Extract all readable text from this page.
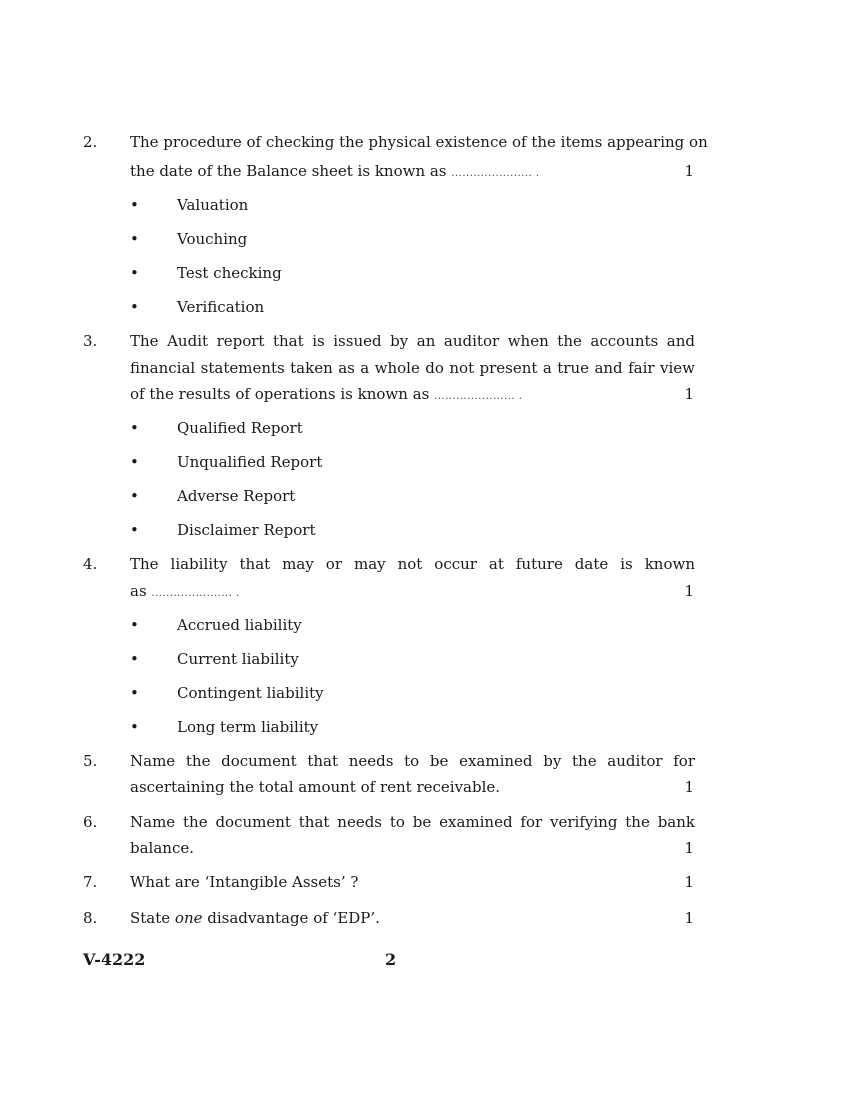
2. The procedure of checking the physical existence of the items appearing on
the date of the Balance sheet is known as ...................... .	1
•	Valuation
•	Vouching
•	Test checking
•	Verification
3. The Audit report that is issued by an auditor when the accounts and
financial statements taken as a whole do not present a true and fair view
of the results of operations is known as ...................... .	1
•	Qualified Report
•	Unqualified Report
•	Adverse Report
•	Disclaimer Report
4. The liability that may or may not occur at future date is known
as ...................... .	1
•	Accrued liability
•	Current liability
•	Contingent liability
•	Long term liability
5. Name the document that needs to be examined by the auditor for
ascertaining the total amount of rent receivable.	1
6. Name the document that needs to be examined for verifying the bank
balance.	1
7. What are ‘Intangible Assets’ ?	1
8. State one disadvantage of ‘EDP’.	1
V-4222	2
